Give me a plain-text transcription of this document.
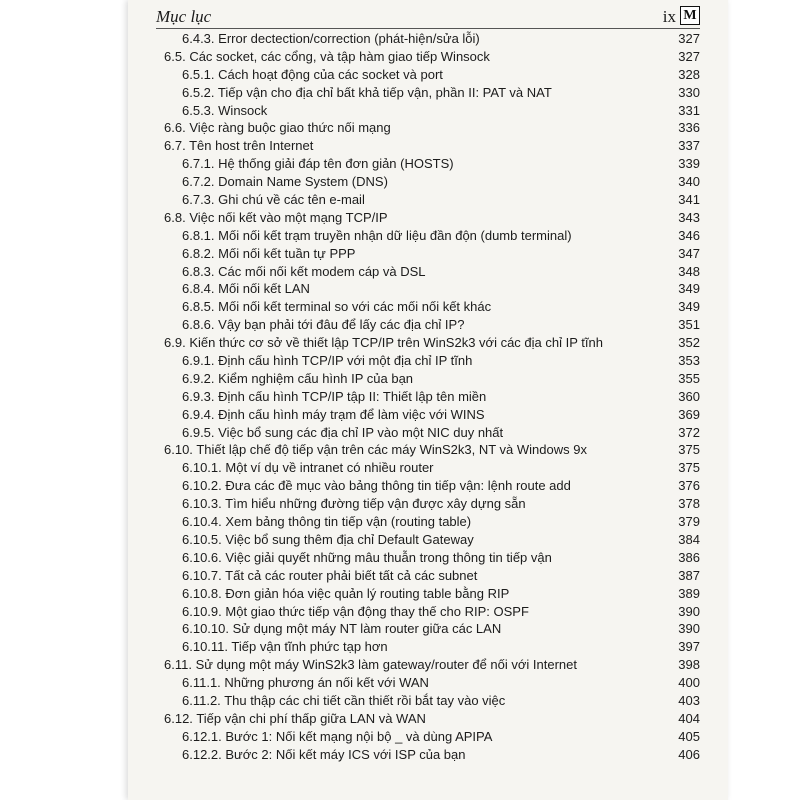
Mục lục	ix M
6.4.3. Error dectection/correction (phát-hiện/sửa lỗi)	327
6.5. Các socket, các cổng, và tập hàm giao tiếp Winsock	327
6.5.1. Cách hoạt động của các socket và port	328
6.5.2. Tiếp vận cho địa chỉ bất khả tiếp vận, phần II: PAT và NAT	330
6.5.3. Winsock	331
6.6. Việc ràng buộc giao thức nối mạng	336
6.7. Tên host trên Internet	337
6.7.1. Hệ thống giải đáp tên đơn giản (HOSTS)	339
6.7.2. Domain Name System (DNS)	340
6.7.3. Ghi chú về các tên e-mail	341
6.8. Việc nối kết vào một mạng TCP/IP	343
6.8.1. Mối nối kết trạm truyền nhận dữ liệu đần độn (dumb terminal)	346
6.8.2. Mối nối kết tuần tự PPP	347
6.8.3. Các mối nối kết modem cáp và DSL	348
6.8.4. Mối nối kết LAN	349
6.8.5. Mối nối kết terminal so với các mối nối kết khác	349
6.8.6. Vậy bạn phải tới đâu để lấy các địa chỉ IP?	351
6.9. Kiến thức cơ sở về thiết lập TCP/IP trên WinS2k3 với các địa chỉ IP tĩnh	352
6.9.1. Định cấu hình TCP/IP với một địa chỉ IP tĩnh	353
6.9.2. Kiểm nghiệm cấu hình IP của bạn	355
6.9.3. Định cấu hình TCP/IP tập II: Thiết lập tên miền	360
6.9.4. Định cấu hình máy trạm để làm việc với WINS	369
6.9.5. Việc bổ sung các địa chỉ IP vào một NIC duy nhất	372
6.10. Thiết lập chế độ tiếp vận trên các máy WinS2k3, NT và Windows 9x	375
6.10.1. Một ví dụ về intranet có nhiều router	375
6.10.2. Đưa các đề mục vào bảng thông tin tiếp vận: lệnh route add	376
6.10.3. Tìm hiểu những đường tiếp vận được xây dựng sẵn	378
6.10.4. Xem bảng thông tin tiếp vận (routing table)	379
6.10.5. Việc bổ sung thêm địa chỉ Default Gateway	384
6.10.6. Việc giải quyết những mâu thuẫn trong thông tin tiếp vận	386
6.10.7. Tất cả các router phải biết tất cả các subnet	387
6.10.8. Đơn giản hóa việc quản lý routing table bằng RIP	389
6.10.9. Một giao thức tiếp vận động thay thế cho RIP: OSPF	390
6.10.10. Sử dụng một máy NT làm router giữa các LAN	390
6.10.11. Tiếp vận tĩnh phức tạp hơn	397
6.11. Sử dụng một máy WinS2k3 làm gateway/router để nối với Internet	398
6.11.1. Những phương án nối kết với WAN	400
6.11.2. Thu thập các chi tiết cần thiết rồi bắt tay vào việc	403
6.12. Tiếp vận chi phí thấp giữa LAN và WAN	404
6.12.1. Bước 1: Nối kết mạng nội bộ _ và dùng APIPA	405
6.12.2. Bước 2: Nối kết máy ICS với ISP của bạn	406
